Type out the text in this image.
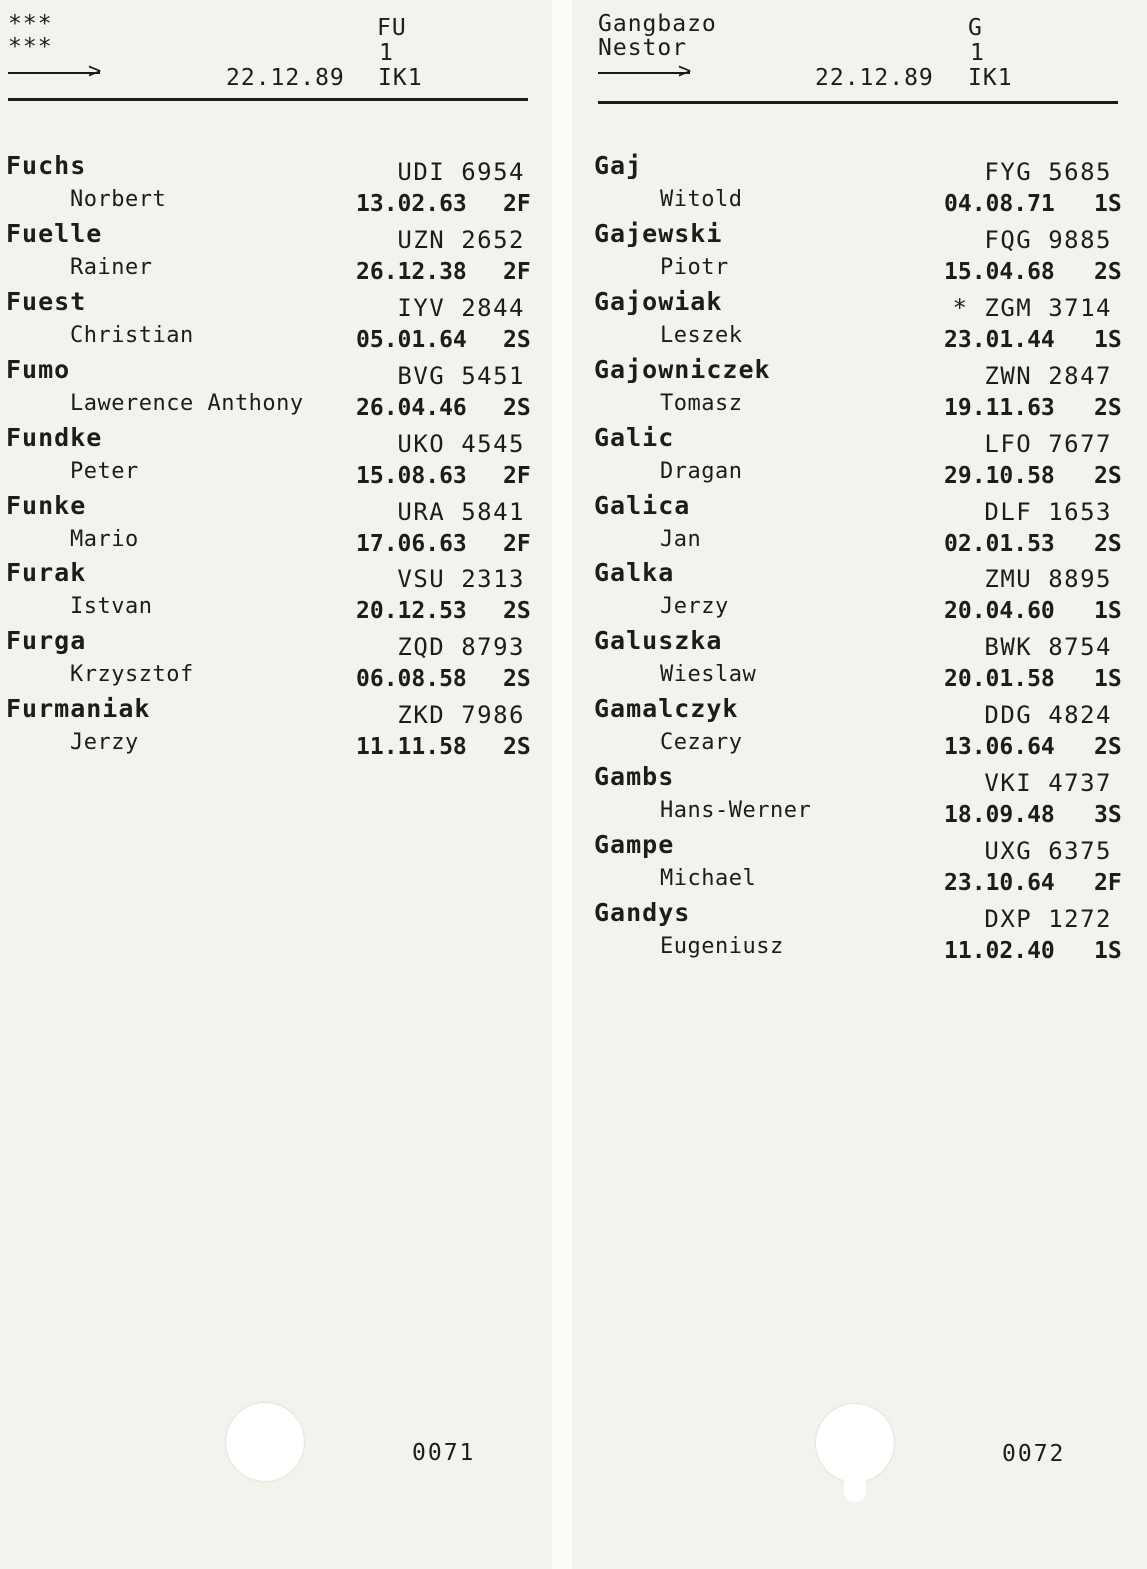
***
***
FU
1
>	22.12.89 IK1
Fuchs	UDI 6954
Norbert	13.02.63 2F
Fuelle	UZN 2652
Rainer	26.12.38 2F
Fuest	IYV 2844
Christian	05.01.64 2S
Fumo	BVG 5451
Lawerence Anthony 26.04.46 2S
Fundke	UKO 4545
Peter	15.08.63 2F
Funke	URA 5841
Mario	17.06.63 2F
Furak	VSU 2313
Istvan	20.12.53 2S
Furga	ZQD 8793
Krzysztof	06.08.58 2S
Furmaniak	ZKD 7986
Jerzy	11.11.58 2S
0071
Gangbazo
Nestor
G
1
>	22.12.89 IK1
Gaj	FYG 5685
Witold	04.08.71 1S
Gajewski	FQG 9885
Piotr	15.04.68 2S
Gajowiak	* ZGM 3714
Leszek	23.01.44 1S
Gajowniczek	ZWN 2847
Tomasz	19.11.63 2S
Galic	LFO 7677
Dragan	29.10.58 2S
Galica	DLF 1653
Jan	02.01.53 2S
Galka	ZMU 8895
Jerzy	20.04.60 1S
Galuszka	BWK 8754
Wieslaw	20.01.58 1S
Gamalczyk	DDG 4824
Cezary	13.06.64 2S
Gambs	VKI 4737
Hans-Werner	18.09.48 3S
Gampe	UXG 6375
Michael	23.10.64 2F
Gandys	DXP 1272
Eugeniusz	11.02.40 1S
0072
